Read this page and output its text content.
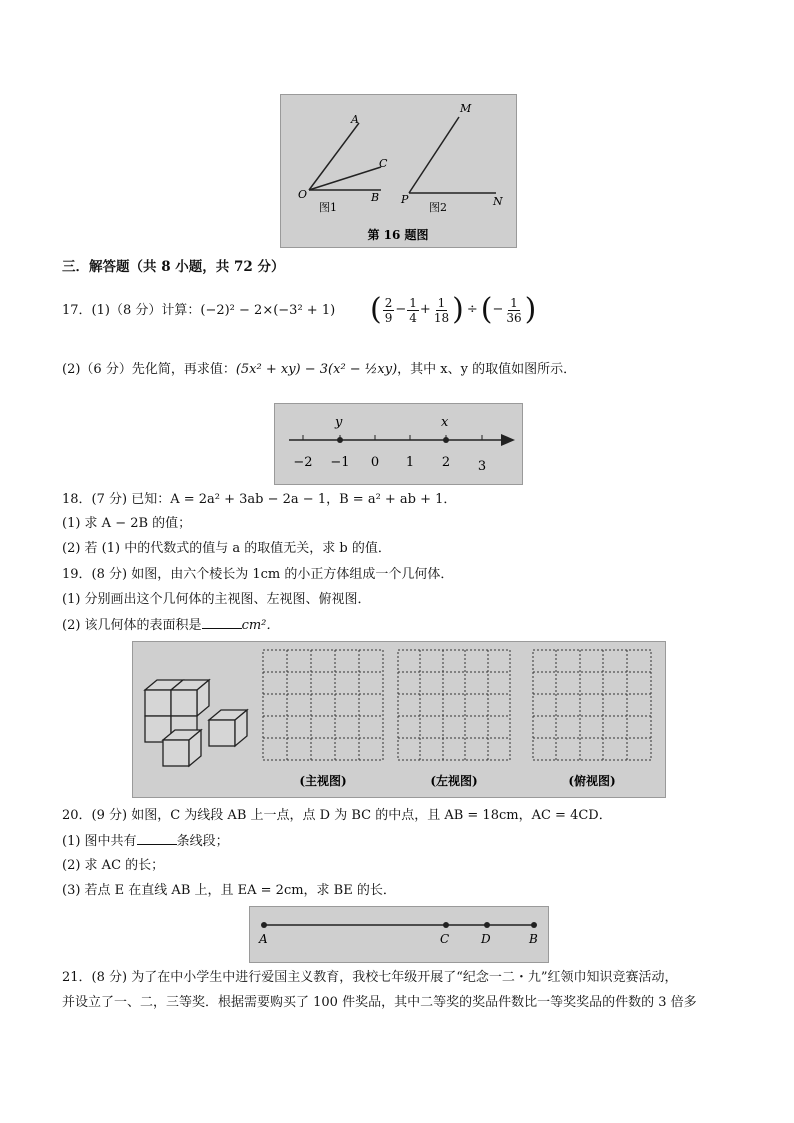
A
C
O	B
M
P	N
图1	图2
第 16 题图
三．解答题（共 8 小题，共 72 分）
17．(1)（8 分）计算： (−2)² − 2×(−3² + 1) ( $\frac{2}{9} - \frac{1}{4} + \frac{1}{18}$ ) ÷ ( − $\frac{1}{36}$ )
(2)（6 分）先化简，再求值： (5x² + xy) − 3(x² − ½xy) ，其中 x、y 的取值如图所示．
y	x
−2 −1 0 1 2 3
18．(7 分) 已知：A = 2a² + 3ab − 2a − 1，B = a² + ab + 1．
(1) 求 A − 2B 的值；
(2) 若 (1) 中的代数式的值与 a 的取值无关，求 b 的值．
19．(8 分) 如图，由六个棱长为 1cm 的小正方体组成一个几何体．
(1) 分别画出这个几何体的主视图、左视图、俯视图．
(2) 该几何体的表面积是	cm²．
(主视图)	(左视图)	(俯视图)
20．(9 分) 如图，C 为线段 AB 上一点，点 D 为 BC 的中点，且 AB = 18cm，AC = 4CD．
(1) 图中共有	条线段；
(2) 求 AC 的长；
(3) 若点 E 在直线 AB 上，且 EA = 2cm，求 BE 的长．
A	C	D	B
21．(8 分) 为了在中小学生中进行爱国主义教育，我校七年级开展了“纪念一二・九”红领巾知识竞赛活动，
并设立了一、二，三等奖．根据需要购买了 100 件奖品，其中二等奖的奖品件数比一等奖奖品的件数的 3 倍多
